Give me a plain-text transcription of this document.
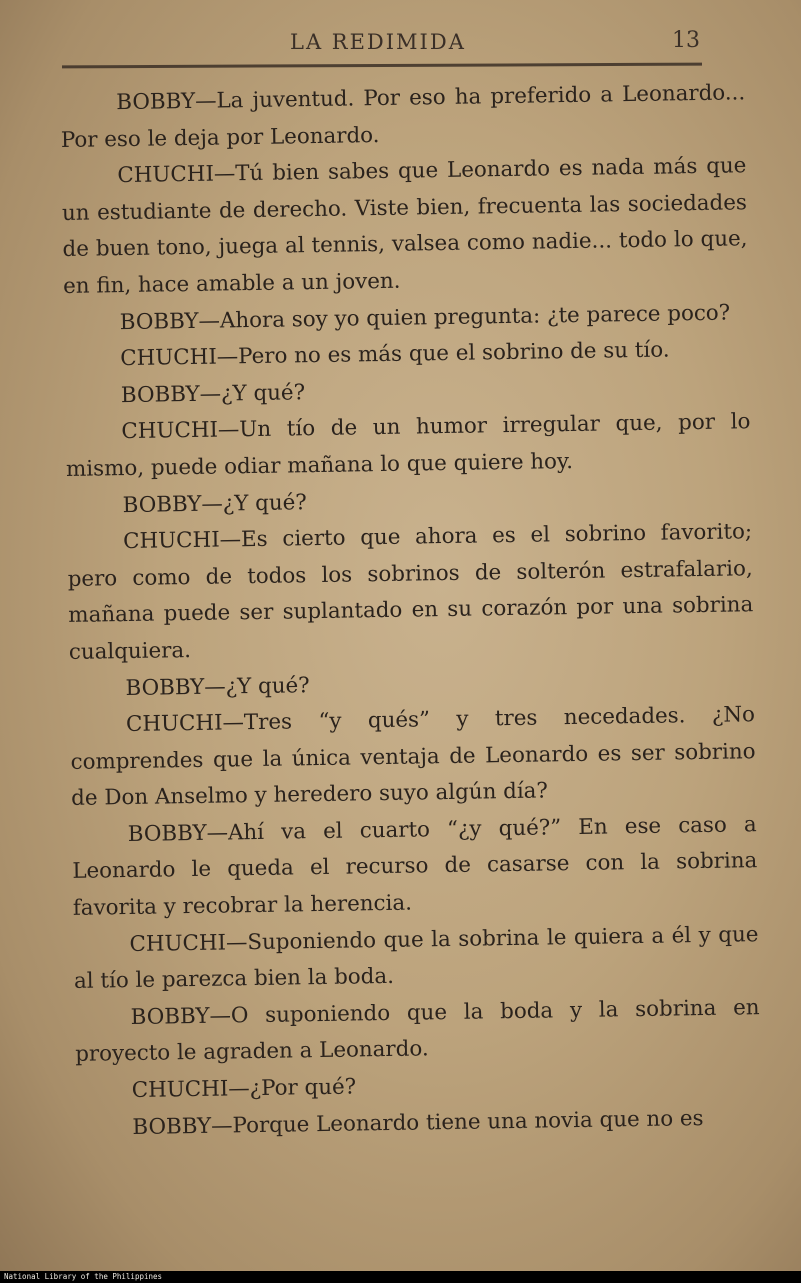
LA REDIMIDA	13

BOBBY—La juventud. Por eso ha preferido a Leonardo... Por eso le deja por Leonardo.

CHUCHI—Tú bien sabes que Leonardo es nada más que un estudiante de derecho. Viste bien, frecuenta las sociedades de buen tono, juega al tennis, valsea como nadie... todo lo que, en fin, hace amable a un joven.

BOBBY—Ahora soy yo quien pregunta: ¿te parece poco?

CHUCHI—Pero no es más que el sobrino de su tío.

BOBBY—¿Y qué?

CHUCHI—Un tío de un humor irregular que, por lo mismo, puede odiar mañana lo que quiere hoy.

BOBBY—¿Y qué?

CHUCHI—Es cierto que ahora es el sobrino favorito; pero como de todos los sobrinos de solterón estrafalario, mañana puede ser suplantado en su corazón por una sobrina cualquiera.

BOBBY—¿Y qué?

CHUCHI—Tres “y qués” y tres necedades. ¿No comprendes que la única ventaja de Leonardo es ser sobrino de Don Anselmo y heredero suyo algún día?

BOBBY—Ahí va el cuarto “¿y qué?” En ese caso a Leonardo le queda el recurso de casarse con la sobrina favorita y recobrar la herencia.

CHUCHI—Suponiendo que la sobrina le quiera a él y que al tío le parezca bien la boda.

BOBBY—O suponiendo que la boda y la sobrina en proyecto le agraden a Leonardo.

CHUCHI—¿Por qué?

BOBBY—Porque Leonardo tiene una novia que no es

National Library of the Philippines
